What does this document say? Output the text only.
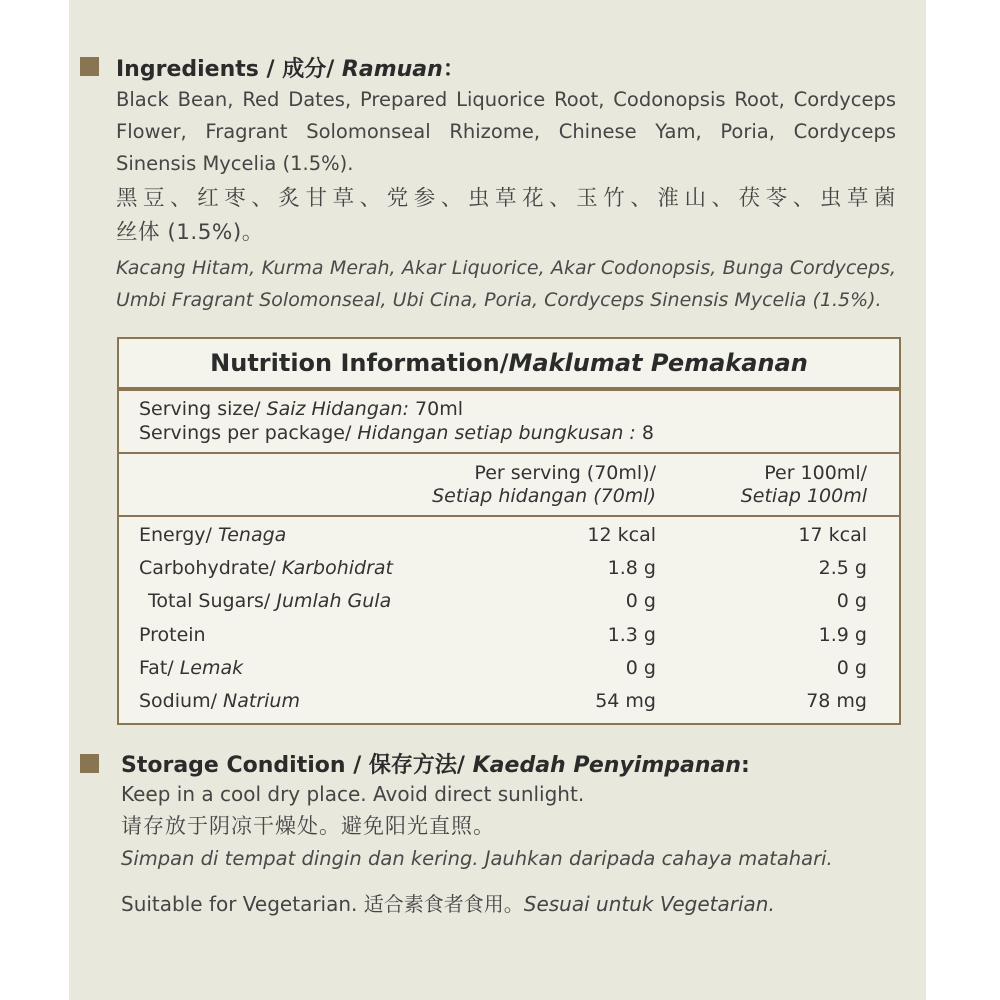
Ingredients / 成分/ Ramuan：
Black Bean, Red Dates, Prepared Liquorice Root, Codonopsis Root, Cordyceps
Flower, Fragrant Solomonseal Rhizome, Chinese Yam, Poria, Cordyceps
Sinensis Mycelia (1.5%).
黑豆、红枣、炙甘草、党参、虫草花、玉竹、淮山、茯苓、虫草菌
丝体 (1.5%)。
Kacang Hitam, Kurma Merah, Akar Liquorice, Akar Codonopsis, Bunga Cordyceps,
Umbi Fragrant Solomonseal, Ubi Cina, Poria, Cordyceps Sinensis Mycelia (1.5%).
Nutrition Information/Maklumat Pemakanan
Serving size/ Saiz Hidangan: 70ml
Servings per package/ Hidangan setiap bungkusan : 8
Per serving (70ml)/
Setiap hidangan (70ml)
Per 100ml/
Setiap 100ml
Energy/ Tenaga	12 kcal	17 kcal
Carbohydrate/ Karbohidrat	1.8 g	2.5 g
Total Sugars/ Jumlah Gula	0 g	0 g
Protein	1.3 g	1.9 g
Fat/ Lemak	0 g	0 g
Sodium/ Natrium	54 mg	78 mg
Storage Condition / 保存方法/ Kaedah Penyimpanan:
Keep in a cool dry place. Avoid direct sunlight.
请存放于阴凉干燥处。避免阳光直照。
Simpan di tempat dingin dan kering. Jauhkan daripada cahaya matahari.
Suitable for Vegetarian. 适合素食者食用。Sesuai untuk Vegetarian.
